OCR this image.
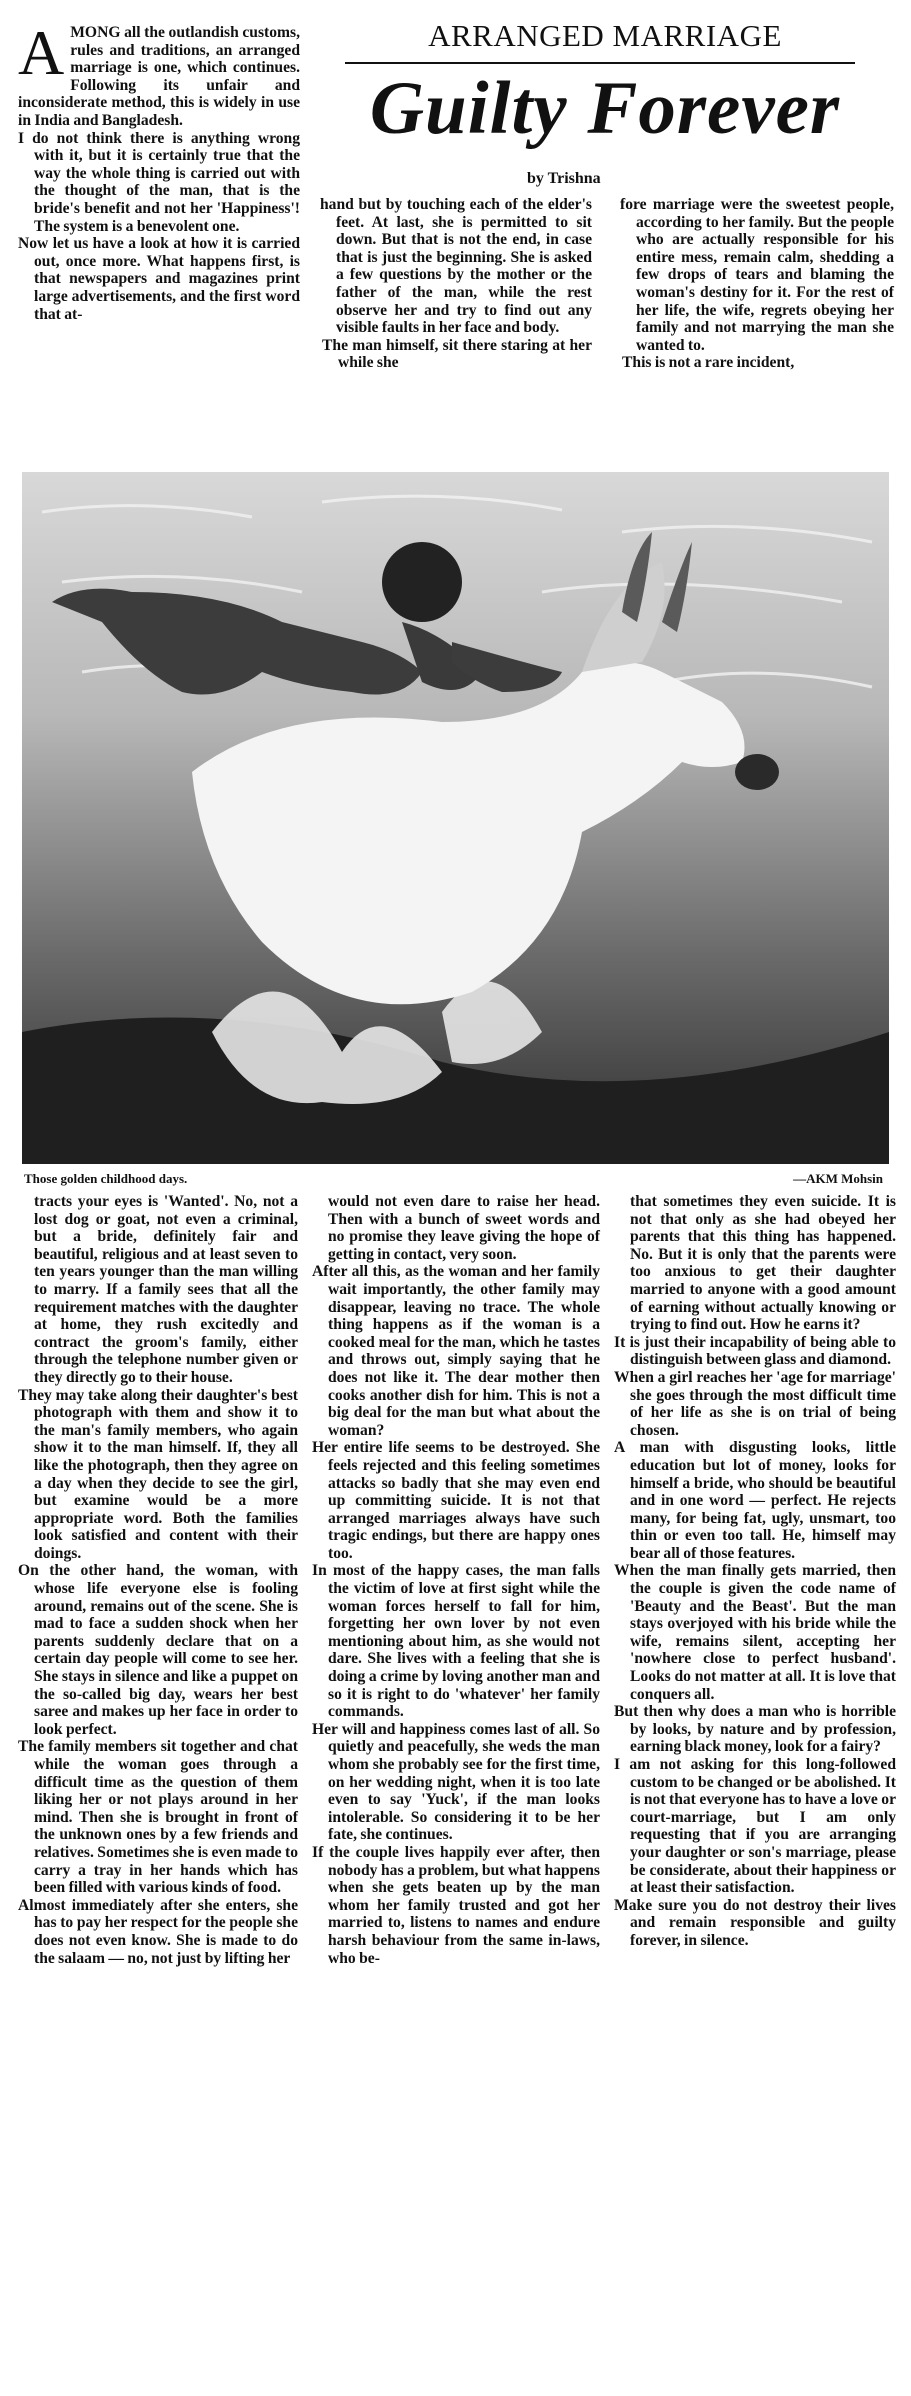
ARRANGED MARRIAGE
Guilty Forever
by Trishna

AMONG all the outlandish customs, rules and traditions, an arranged marriage is one, which continues. Following its unfair and inconsiderate method, this is widely in use in India and Bangladesh.

I do not think there is anything wrong with it, but it is certainly true that the way the whole thing is carried out with the thought of the man, that is the bride's benefit and not her 'Happiness'! The system is a benevolent one.

Now let us have a look at how it is carried out, once more. What happens first, is that newspapers and magazines print large advertisements, and the first word that at-

hand but by touching each of the elder's feet. At last, she is permitted to sit down. But that is not the end, in case that is just the beginning. She is asked a few questions by the mother or the father of the man, while the rest observe her and try to find out any visible faults in her face and body.

The man himself, sit there staring at her while she

fore marriage were the sweetest people, according to her family. But the people who are actually responsible for his entire mess, remain calm, shedding a few drops of tears and blaming the woman's destiny for it. For the rest of her life, the wife, regrets obeying her family and not marrying the man she wanted to.

This is not a rare incident,

Those golden childhood days.	—AKM Mohsin

tracts your eyes is 'Wanted'. No, not a lost dog or goat, not even a criminal, but a bride, definitely fair and beautiful, religious and at least seven to ten years younger than the man willing to marry. If a family sees that all the requirement matches with the daughter at home, they rush excitedly and contract the groom's family, either through the telephone number given or they directly go to their house.

They may take along their daughter's best photograph with them and show it to the man's family members, who again show it to the man himself. If, they all like the photograph, then they agree on a day when they decide to see the girl, but examine would be a more appropriate word. Both the families look satisfied and content with their doings.

On the other hand, the woman, with whose life everyone else is fooling around, remains out of the scene. She is mad to face a sudden shock when her parents suddenly declare that on a certain day people will come to see her. She stays in silence and like a puppet on the so-called big day, wears her best saree and makes up her face in order to look perfect.

The family members sit together and chat while the woman goes through a difficult time as the question of them liking her or not plays around in her mind. Then she is brought in front of the unknown ones by a few friends and relatives. Sometimes she is even made to carry a tray in her hands which has been filled with various kinds of food.

Almost immediately after she enters, she has to pay her respect for the people she does not even know. She is made to do the salaam — no, not just by lifting her

would not even dare to raise her head. Then with a bunch of sweet words and no promise they leave giving the hope of getting in contact, very soon.

After all this, as the woman and her family wait importantly, the other family may disappear, leaving no trace. The whole thing happens as if the woman is a cooked meal for the man, which he tastes and throws out, simply saying that he does not like it. The dear mother then cooks another dish for him. This is not a big deal for the man but what about the woman?

Her entire life seems to be destroyed. She feels rejected and this feeling sometimes attacks so badly that she may even end up committing suicide. It is not that arranged marriages always have such tragic endings, but there are happy ones too.

In most of the happy cases, the man falls the victim of love at first sight while the woman forces herself to fall for him, forgetting her own lover by not even mentioning about him, as she would not dare. She lives with a feeling that she is doing a crime by loving another man and so it is right to do 'whatever' her family commands.

Her will and happiness comes last of all. So quietly and peacefully, she weds the man whom she probably see for the first time, on her wedding night, when it is too late even to say 'Yuck', if the man looks intolerable. So considering it to be her fate, she continues.

If the couple lives happily ever after, then nobody has a problem, but what happens when she gets beaten up by the man whom her family trusted and got her married to, listens to names and endure harsh behaviour from the same in-laws, who be-

that sometimes they even suicide. It is not that only as she had obeyed her parents that this thing has happened. No. But it is only that the parents were too anxious to get their daughter married to anyone with a good amount of earning without actually knowing or trying to find out. How he earns it?

It is just their incapability of being able to distinguish between glass and diamond.

When a girl reaches her 'age for marriage' she goes through the most difficult time of her life as she is on trial of being chosen.

A man with disgusting looks, little education but lot of money, looks for himself a bride, who should be beautiful and in one word — perfect. He rejects many, for being fat, ugly, unsmart, too thin or even too tall. He, himself may bear all of those features.

When the man finally gets married, then the couple is given the code name of 'Beauty and the Beast'. But the man stays overjoyed with his bride while the wife, remains silent, accepting her 'nowhere close to perfect husband'. Looks do not matter at all. It is love that conquers all.

But then why does a man who is horrible by looks, by nature and by profession, earning black money, look for a fairy?

I am not asking for this long-followed custom to be changed or be abolished. It is not that everyone has to have a love or court-marriage, but I am only requesting that if you are arranging your daughter or son's marriage, please be considerate, about their happiness or at least their satisfaction.

Make sure you do not destroy their lives and remain responsible and guilty forever, in silence.
